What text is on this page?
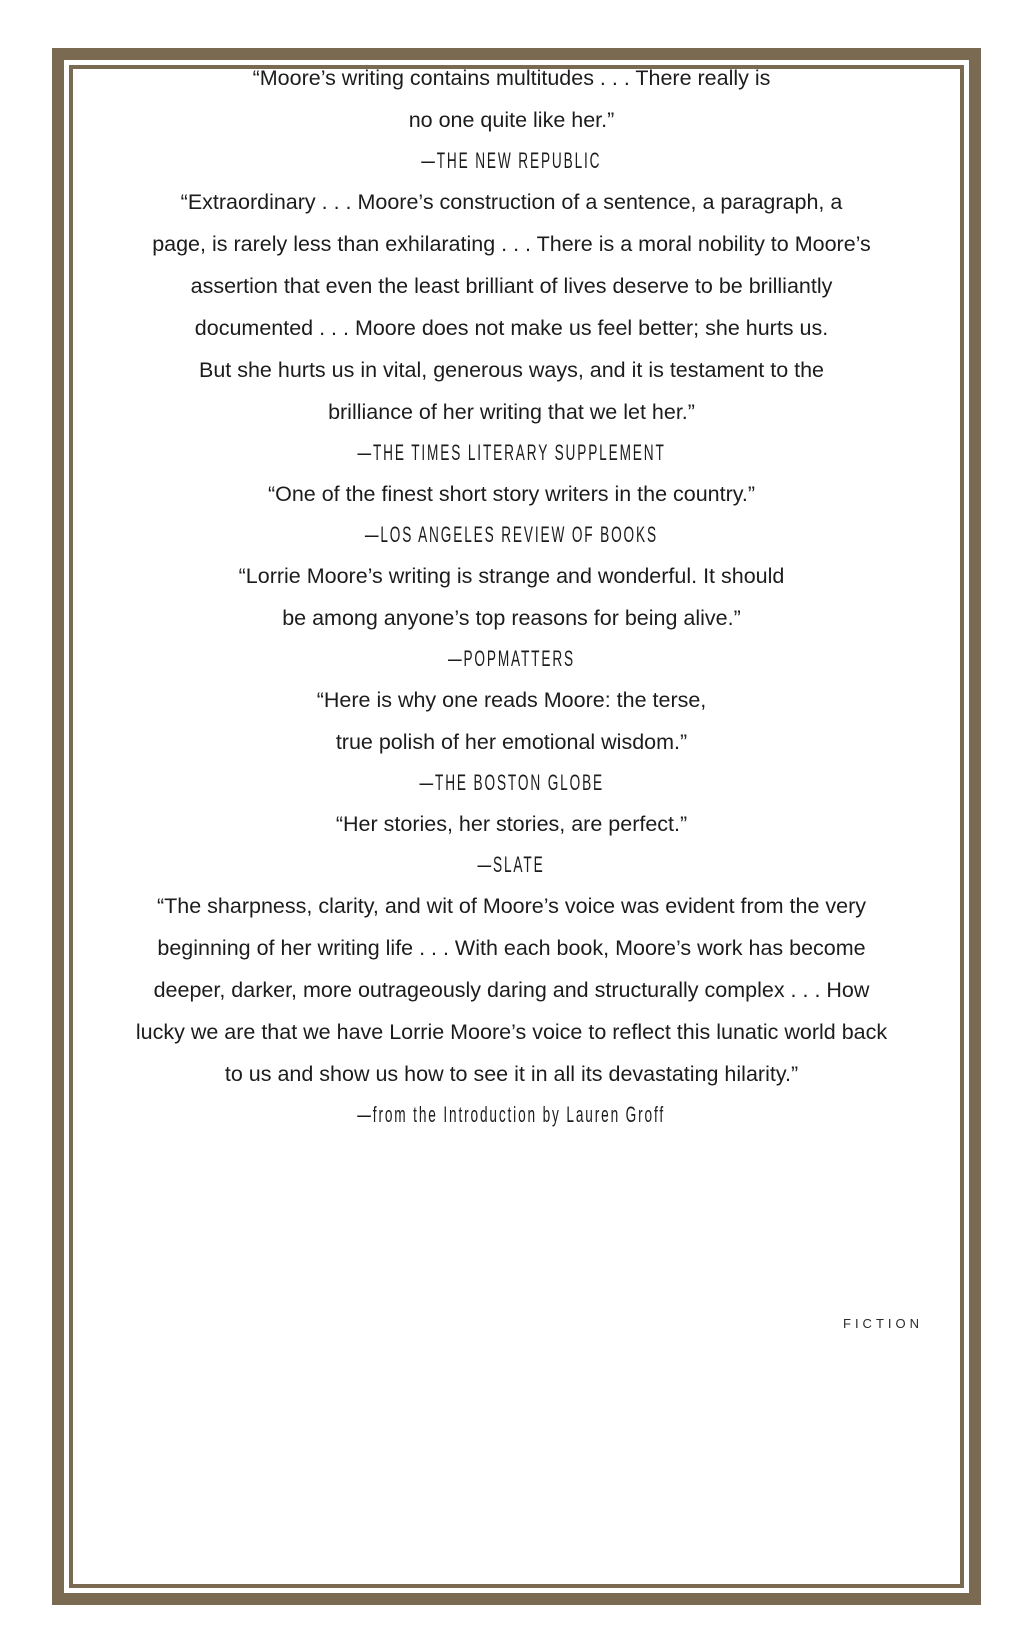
“Moore’s writing contains multitudes . . . There really is
no one quite like her.”

—THE NEW REPUBLIC

“Extraordinary . . . Moore’s construction of a sentence, a paragraph, a
page, is rarely less than exhilarating . . . There is a moral nobility to Moore’s
assertion that even the least brilliant of lives deserve to be brilliantly
documented . . . Moore does not make us feel better; she hurts us.
But she hurts us in vital, generous ways, and it is testament to the
brilliance of her writing that we let her.”

—THE TIMES LITERARY SUPPLEMENT

“One of the finest short story writers in the country.”

—LOS ANGELES REVIEW OF BOOKS

“Lorrie Moore’s writing is strange and wonderful. It should
be among anyone’s top reasons for being alive.”

—POPMATTERS

“Here is why one reads Moore: the terse,
true polish of her emotional wisdom.”

—THE BOSTON GLOBE

“Her stories, her stories, are perfect.”

—SLATE

“The sharpness, clarity, and wit of Moore’s voice was evident from the very
beginning of her writing life . . . With each book, Moore’s work has become
deeper, darker, more outrageously daring and structurally complex . . . How
lucky we are that we have Lorrie Moore’s voice to reflect this lunatic world back
to us and show us how to see it in all its devastating hilarity.”

—from the Introduction by Lauren Groff
FICTION
